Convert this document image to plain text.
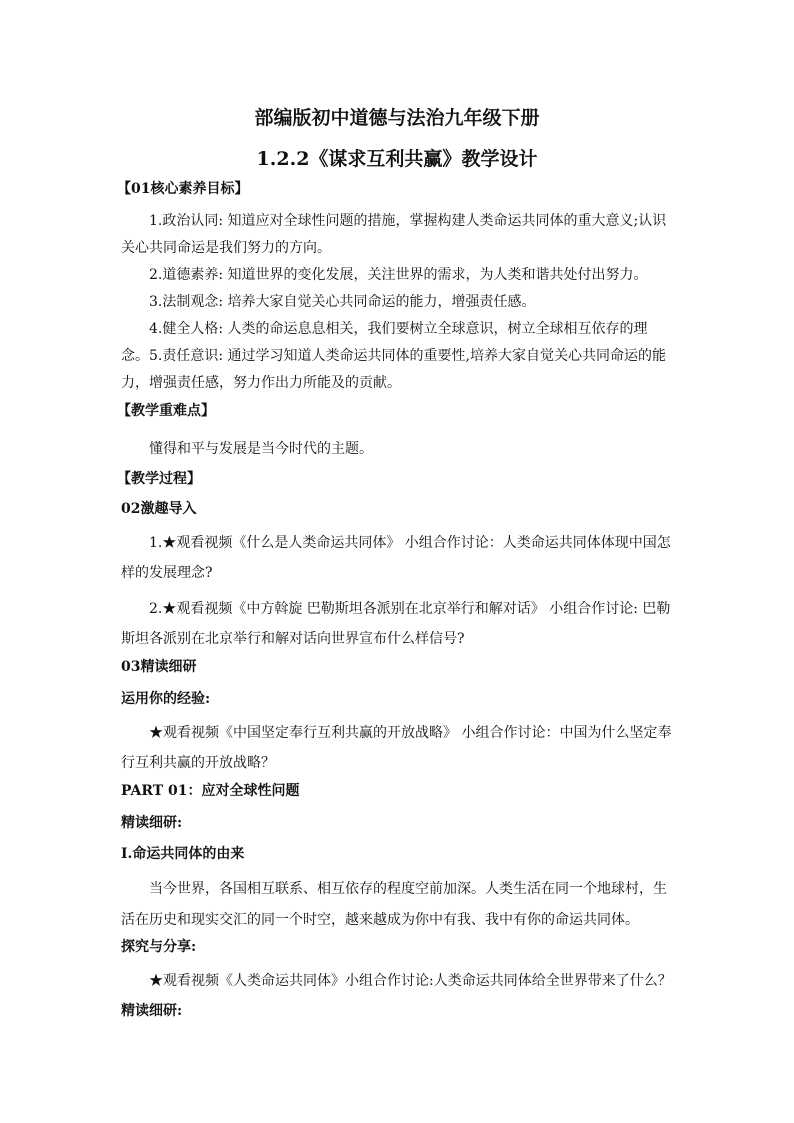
部编版初中道德与法治九年级下册
1.2.2《谋求互利共赢》教学设计
【01核心素养目标】
1.政治认同: 知道应对全球性问题的措施，掌握构建人类命运共同体的重大意义;认识关心共同命运是我们努力的方向。
2.道德素养: 知道世界的变化发展，关注世界的需求，为人类和谐共处付出努力。
3.法制观念: 培养大家自觉关心共同命运的能力，增强责任感。
4.健全人格: 人类的命运息息相关，我们要树立全球意识，树立全球相互依存的理念。 5.责任意识: 通过学习知道人类命运共同体的重要性,培养大家自觉关心共同命运的能力，增强责任感，努力作出力所能及的贡献。
【教学重难点】
懂得和平与发展是当今时代的主题。
【教学过程】
02激趣导入
1.★观看视频《什么是人类命运共同体》 小组合作讨论：人类命运共同体体现中国怎样的发展理念?
2.★观看视频《中方斡旋 巴勒斯坦各派别在北京举行和解对话》 小组合作讨论: 巴勒斯坦各派别在北京举行和解对话向世界宣布什么样信号?
03精读细研
运用你的经验:
★观看视频《中国坚定奉行互利共赢的开放战略》 小组合作讨论：中国为什么坚定奉行互利共赢的开放战略？
PART 01：应对全球性问题
精读细研:
Ⅰ.命运共同体的由来
当今世界，各国相互联系、相互依存的程度空前加深。人类生活在同一个地球村，生活在历史和现实交汇的同一个时空，越来越成为你中有我、我中有你的命运共同体。
探究与分享:
★观看视频《人类命运共同体》小组合作讨论:人类命运共同体给全世界带来了什么？
精读细研:
